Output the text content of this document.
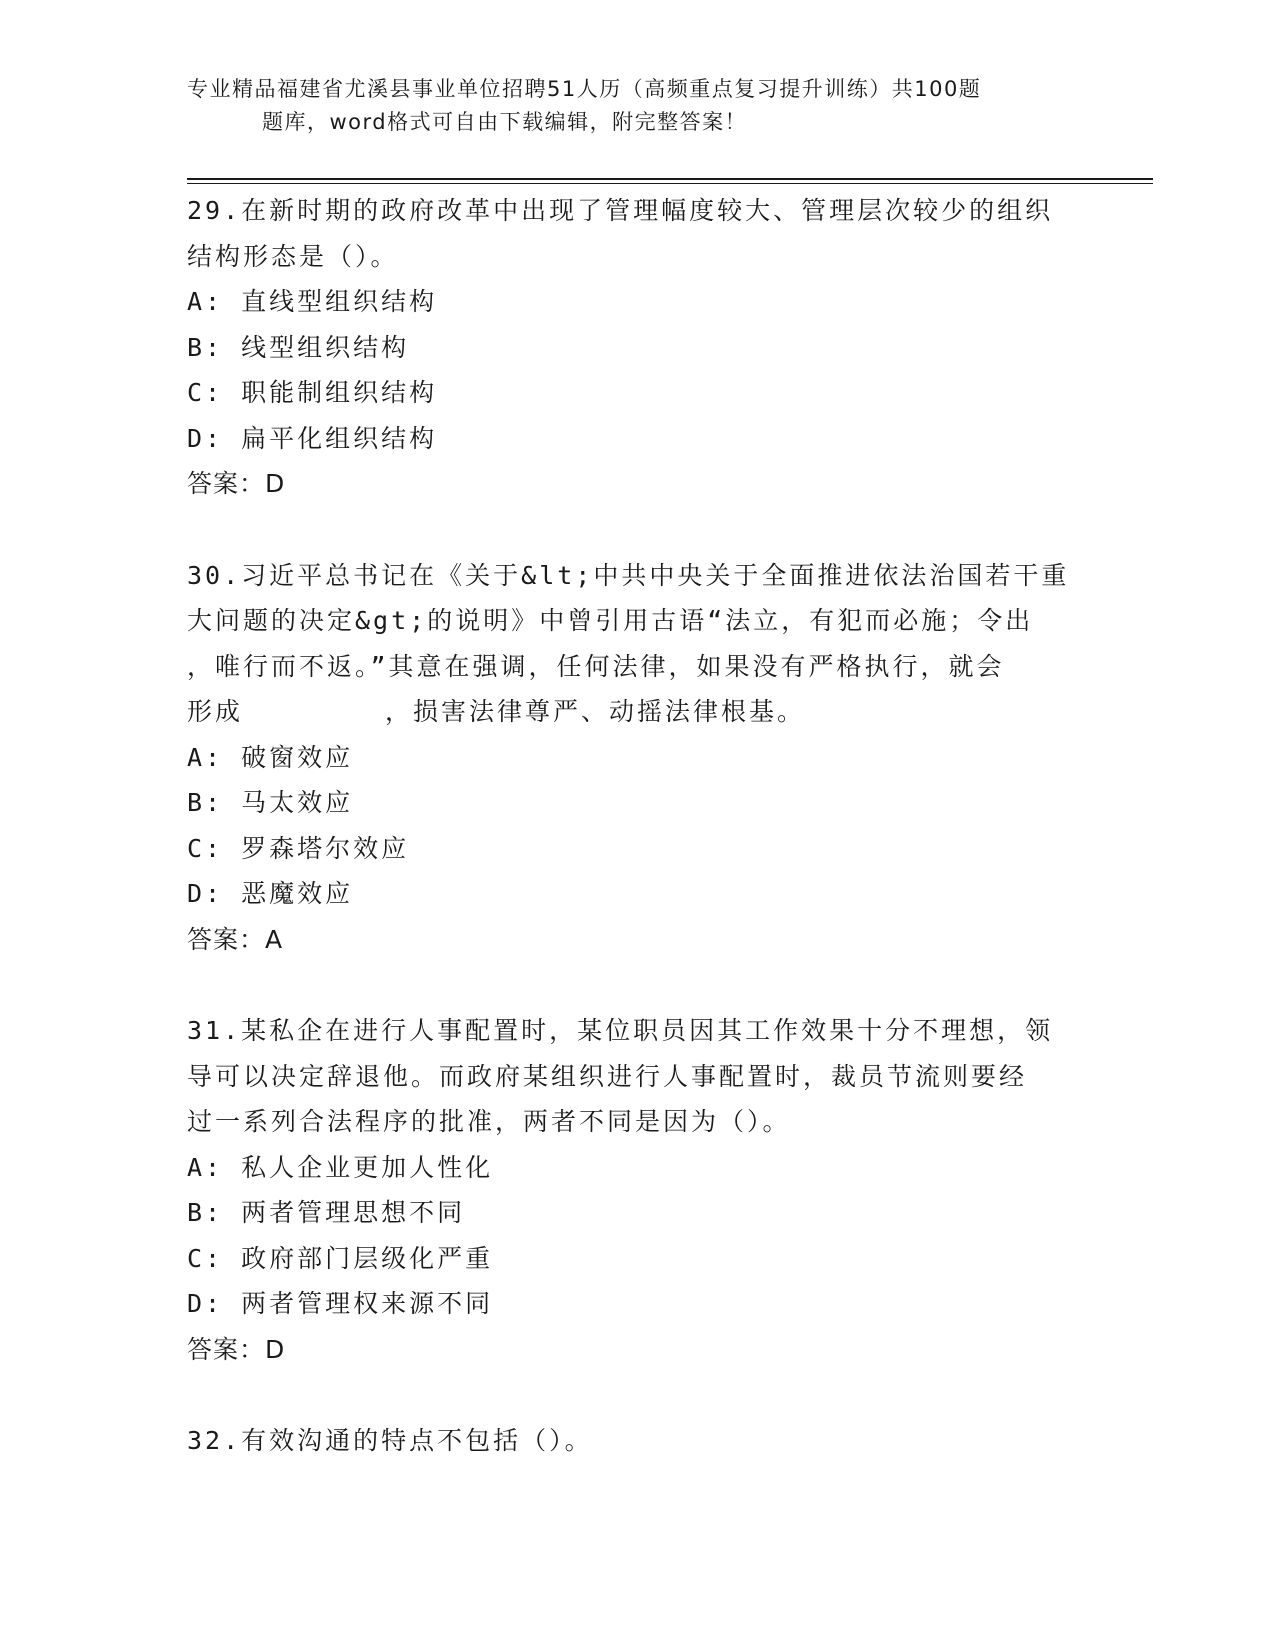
专业精品福建省尤溪县事业单位招聘51人历（高频重点复习提升训练）共100题
题库，word格式可自由下载编辑，附完整答案！
29.在新时期的政府改革中出现了管理幅度较大、管理层次较少的组织
结构形态是（）。
A: 直线型组织结构
B: 线型组织结构
C: 职能制组织结构
D: 扁平化组织结构
答案：D
30.习近平总书记在《关于&lt;中共中央关于全面推进依法治国若干重
大问题的决定&gt;的说明》中曾引用古语“法立，有犯而必施；令出
，唯行而不返。”其意在强调，任何法律，如果没有严格执行，就会
形成	，损害法律尊严、动摇法律根基。
A: 破窗效应
B: 马太效应
C: 罗森塔尔效应
D: 恶魔效应
答案：A
31.某私企在进行人事配置时，某位职员因其工作效果十分不理想，领
导可以决定辞退他。而政府某组织进行人事配置时，裁员节流则要经
过一系列合法程序的批准，两者不同是因为（）。
A: 私人企业更加人性化
B: 两者管理思想不同
C: 政府部门层级化严重
D: 两者管理权来源不同
答案：D
32.有效沟通的特点不包括（）。
